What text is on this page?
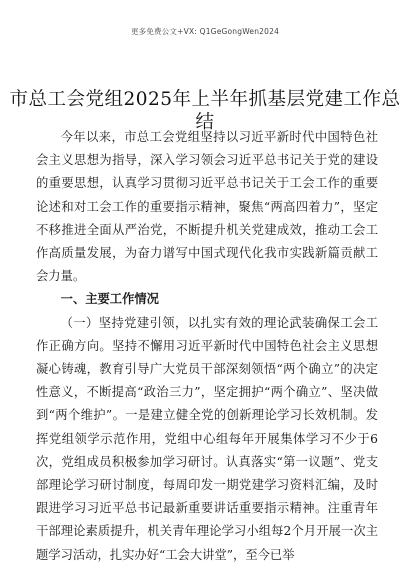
更多免费公文+VX: Q1GeGongWen2024
市总工会党组2025年上半年抓基层党建工作总结

今年以来，市总工会党组坚持以习近平新时代中国特色社会主义思想为指导，深入学习领会习近平总书记关于党的建设的重要思想，认真学习贯彻习近平总书记关于工会工作的重要论述和对工会工作的重要指示精神，聚焦“两高四着力”，坚定不移推进全面从严治党，不断提升机关党建成效，推动工会工作高质量发展，为奋力谱写中国式现代化我市实践新篇贡献工会力量。

一、主要工作情况

（一）坚持党建引领，以扎实有效的理论武装确保工会工作正确方向。坚持不懈用习近平新时代中国特色社会主义思想凝心铸魂，教育引导广大党员干部深刻领悟“两个确立”的决定性意义，不断提高“政治三力”，坚定拥护“两个确立”、坚决做到“两个维护”。一是建立健全党的创新理论学习长效机制。发挥党组领学示范作用，党组中心组每年开展集体学习不少于6次，党组成员积极参加学习研讨。认真落实“第一议题”、党支部理论学习研讨制度，每周印发一期党建学习资料汇编，及时跟进学习习近平总书记最新重要讲话重要指示精神。注重青年干部理论素质提升，机关青年理论学习小组每2个月开展一次主题学习活动，扎实办好“工会大讲堂”，至今已举
